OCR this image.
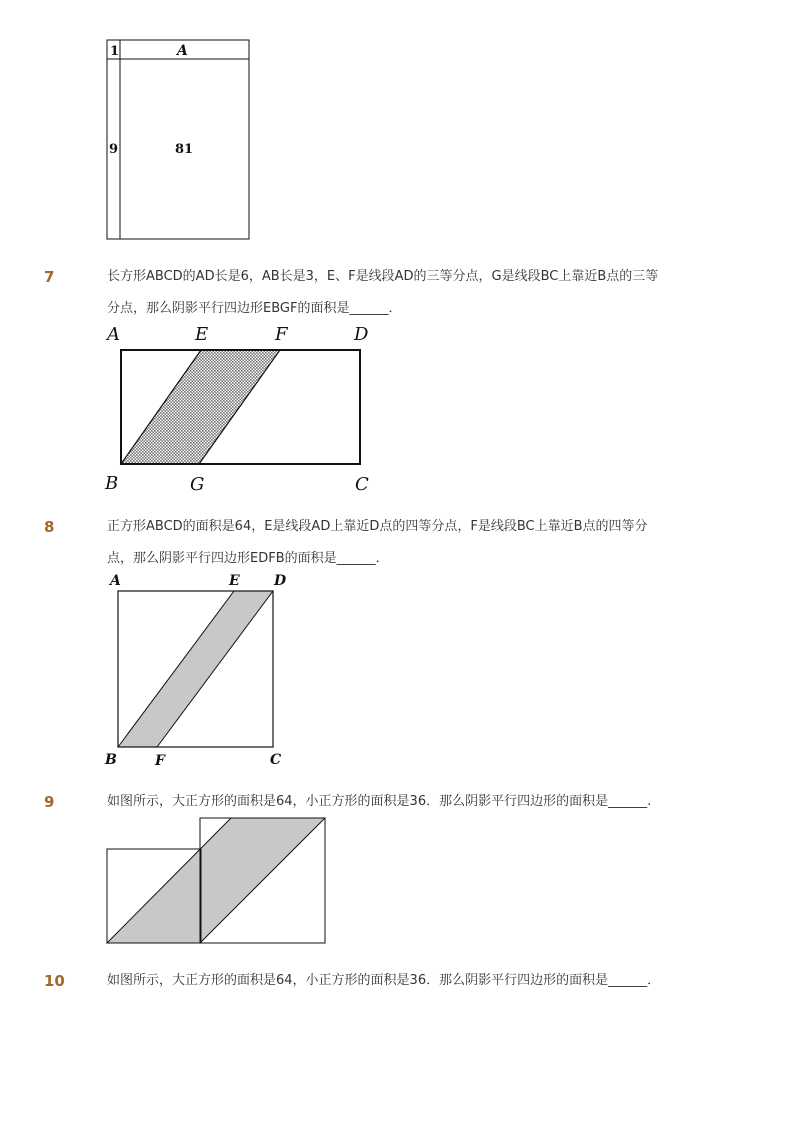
1	A
9	81
7	长方形ABCD的AD长是6，AB长是3，E、F是线段AD的三等分点，G是线段BC上靠近B点的三等
分点，那么阴影平行四边形EBGF的面积是______．
A	E	F	D
B	G	C
8	正方形ABCD的面积是64，E是线段AD上靠近D点的四等分点，F是线段BC上靠近B点的四等分
点，那么阴影平行四边形EDFB的面积是______．
A	E D
B	F	C
9	如图所示，大正方形的面积是64，小正方形的面积是36．那么阴影平行四边形的面积是______.
10	如图所示，大正方形的面积是64，小正方形的面积是36．那么阴影平行四边形的面积是______．
